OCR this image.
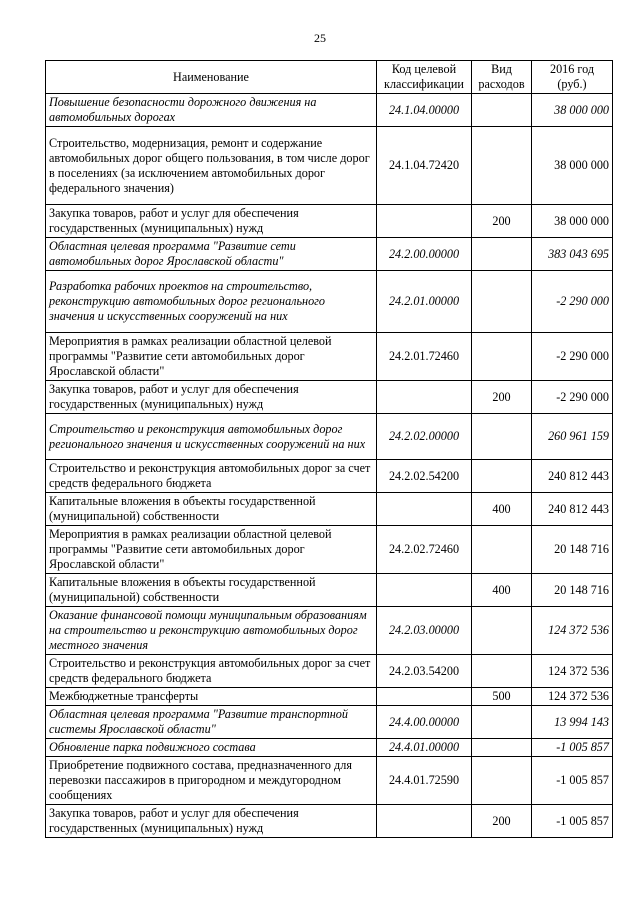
25
Наименование	Код целевой классификации	Вид расходов	2016 год (руб.)
Повышение безопасности дорожного движения на автомобильных дорогах	24.1.04.00000		38 000 000
Строительство, модернизация, ремонт и содержание автомобильных дорог общего пользования, в том числе дорог в поселениях (за исключением автомобильных дорог федерального значения)	24.1.04.72420		38 000 000
Закупка товаров, работ и услуг для обеспечения государственных (муниципальных) нужд		200	38 000 000
Областная целевая программа "Развитие сети автомобильных дорог Ярославской области"	24.2.00.00000		383 043 695
Разработка рабочих проектов на строительство, реконструкцию автомобильных дорог регионального значения и искусственных сооружений на них	24.2.01.00000		-2 290 000
Мероприятия в рамках реализации областной целевой программы "Развитие сети автомобильных дорог Ярославской области"	24.2.01.72460		-2 290 000
Закупка товаров, работ и услуг для обеспечения государственных (муниципальных) нужд		200	-2 290 000
Строительство и реконструкция автомобильных дорог регионального значения и искусственных сооружений на них	24.2.02.00000		260 961 159
Строительство и реконструкция автомобильных дорог за счет средств федерального бюджета	24.2.02.54200		240 812 443
Капитальные вложения в объекты государственной (муниципальной) собственности		400	240 812 443
Мероприятия в рамках реализации областной целевой программы "Развитие сети автомобильных дорог Ярославской области"	24.2.02.72460		20 148 716
Капитальные вложения в объекты государственной (муниципальной) собственности		400	20 148 716
Оказание финансовой помощи муниципальным образованиям на строительство и реконструкцию автомобильных дорог местного значения	24.2.03.00000		124 372 536
Строительство и реконструкция автомобильных дорог за счет средств федерального бюджета	24.2.03.54200		124 372 536
Межбюджетные трансферты		500	124 372 536
Областная целевая программа "Развитие транспортной системы Ярославской области"	24.4.00.00000		13 994 143
Обновление парка подвижного состава	24.4.01.00000		-1 005 857
Приобретение подвижного состава, предназначенного для перевозки пассажиров в пригородном и междугородном сообщениях	24.4.01.72590		-1 005 857
Закупка товаров, работ и услуг для обеспечения государственных (муниципальных) нужд		200	-1 005 857
